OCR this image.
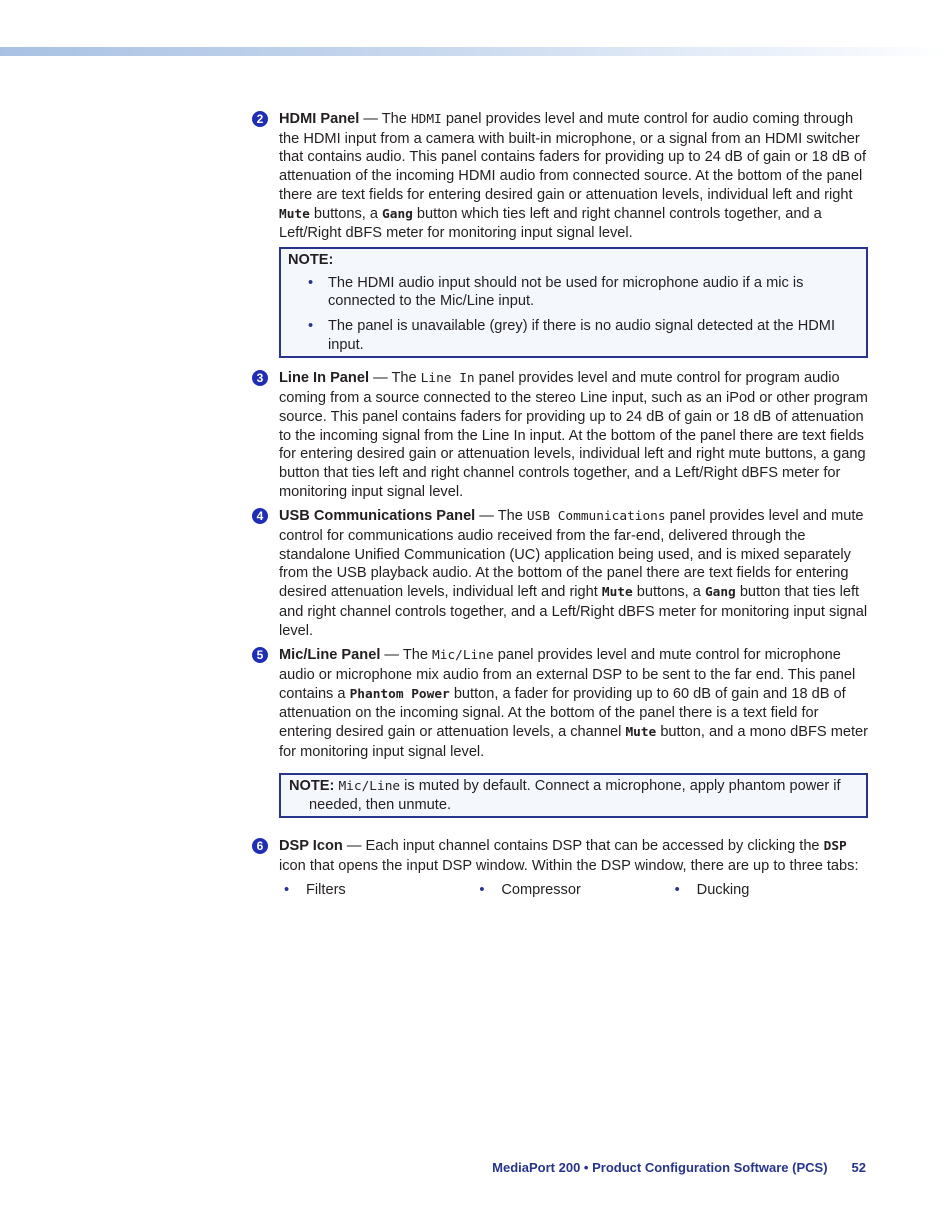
2	HDMI Panel — The HDMI panel provides level and mute control for audio coming through the HDMI input from a camera with built-in microphone, or a signal from an HDMI switcher that contains audio. This panel contains faders for providing up to 24 dB of gain or 18 dB of attenuation of the incoming HDMI audio from connected source. At the bottom of the panel there are text fields for entering desired gain or attenuation levels, individual left and right Mute buttons, a Gang button which ties left and right channel controls together, and a Left/Right dBFS meter for monitoring input signal level.
NOTE:
• The HDMI audio input should not be used for microphone audio if a mic is connected to the Mic/Line input.
• The panel is unavailable (grey) if there is no audio signal detected at the HDMI input.
3	Line In Panel — The Line In panel provides level and mute control for program audio coming from a source connected to the stereo Line input, such as an iPod or other program source. This panel contains faders for providing up to 24 dB of gain or 18 dB of attenuation to the incoming signal from the Line In input. At the bottom of the panel there are text fields for entering desired gain or attenuation levels, individual left and right mute buttons, a gang button that ties left and right channel controls together, and a Left/Right dBFS meter for monitoring input signal level.
4	USB Communications Panel — The USB Communications panel provides level and mute control for communications audio received from the far-end, delivered through the standalone Unified Communication (UC) application being used, and is mixed separately from the USB playback audio. At the bottom of the panel there are text fields for entering desired attenuation levels, individual left and right Mute buttons, a Gang button that ties left and right channel controls together, and a Left/Right dBFS meter for monitoring input signal level.
5	Mic/Line Panel — The Mic/Line panel provides level and mute control for microphone audio or microphone mix audio from an external DSP to be sent to the far end. This panel contains a Phantom Power button, a fader for providing up to 60 dB of gain and 18 dB of attenuation on the incoming signal. At the bottom of the panel there is a text field for entering desired gain or attenuation levels, a channel Mute button, and a mono dBFS meter for monitoring input signal level.
NOTE: Mic/Line is muted by default. Connect a microphone, apply phantom power if needed, then unmute.
6	DSP Icon — Each input channel contains DSP that can be accessed by clicking the DSP icon that opens the input DSP window. Within the DSP window, there are up to three tabs:
• Filters	• Compressor	• Ducking
MediaPort 200 • Product Configuration Software (PCS) 52
